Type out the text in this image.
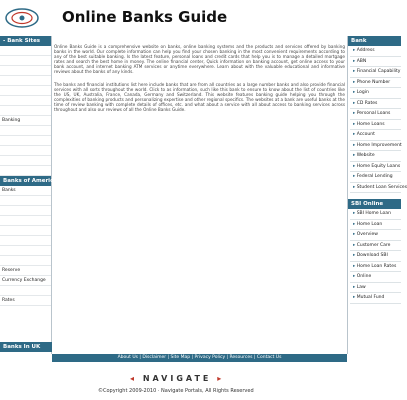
Online Banks Guide
- Bank Sites
Banking
Banks of America
Banks
Reserve
Currency Exchange
Rates
Banks In UK

Online Banks Guide is a comprehensive website on banks, online banking systems and the products and services offered by banking banks in the world. Our complete information can help you find your chosen banking in the most convenient requirements according to any of the best suitable banking. Is the latest feature, personal loans and credit cards that help you is to manage a detailed mortgage rates and search the best home in money. The online financial center, Quick information on banking account, get online access to your bank account, and internet banking ATM services or anytime everywhere. Learn about with the valuable educational and informative reviews about the banks of any kinds.

The banks and financial institutions list here include banks that are from all countries as a large number banks and also provide financial services with all sorts throughout the world. Click to as information, such like this bank to ensure to know about the list of countries like the US, UK, Australia, France, Canada, Germany and Switzerland. This website features banking guide helping you through the complexities of banking products and personalizing expertise and other regional specifics. The websites at a bank are useful banks at the time of review banking with complete details of offices, etc. and what about a service with all about access to banking services across throughout and also our reviews of all the Online Banks Guide.

Bank
▸ Address
▸ ABN
▸ Financial Capability
▸ Phone Number
▸ Login
▸ CD Rates
▸ Personal Loans
▸ Home Loans
▸ Account
▸ Home Improvement
▸ Website
▸ Home Equity Loans
▸ Federal Lending
▸ Student Loan Services
SBI Online
▸ SBI Home Loan
▸ Home Loan
▸ Overview
▸ Customer Care
▸ Download SBI
▸ Home Loan Rates
▸ Online
▸ Law
▸ Mutual Fund
About Us | Disclaimer | Site Map | Privacy Policy | Resources | Contact Us
◂ NAVIGATE ▸
©Copyright 2009-2010 · Navigate Portals, All Rights Reserved
